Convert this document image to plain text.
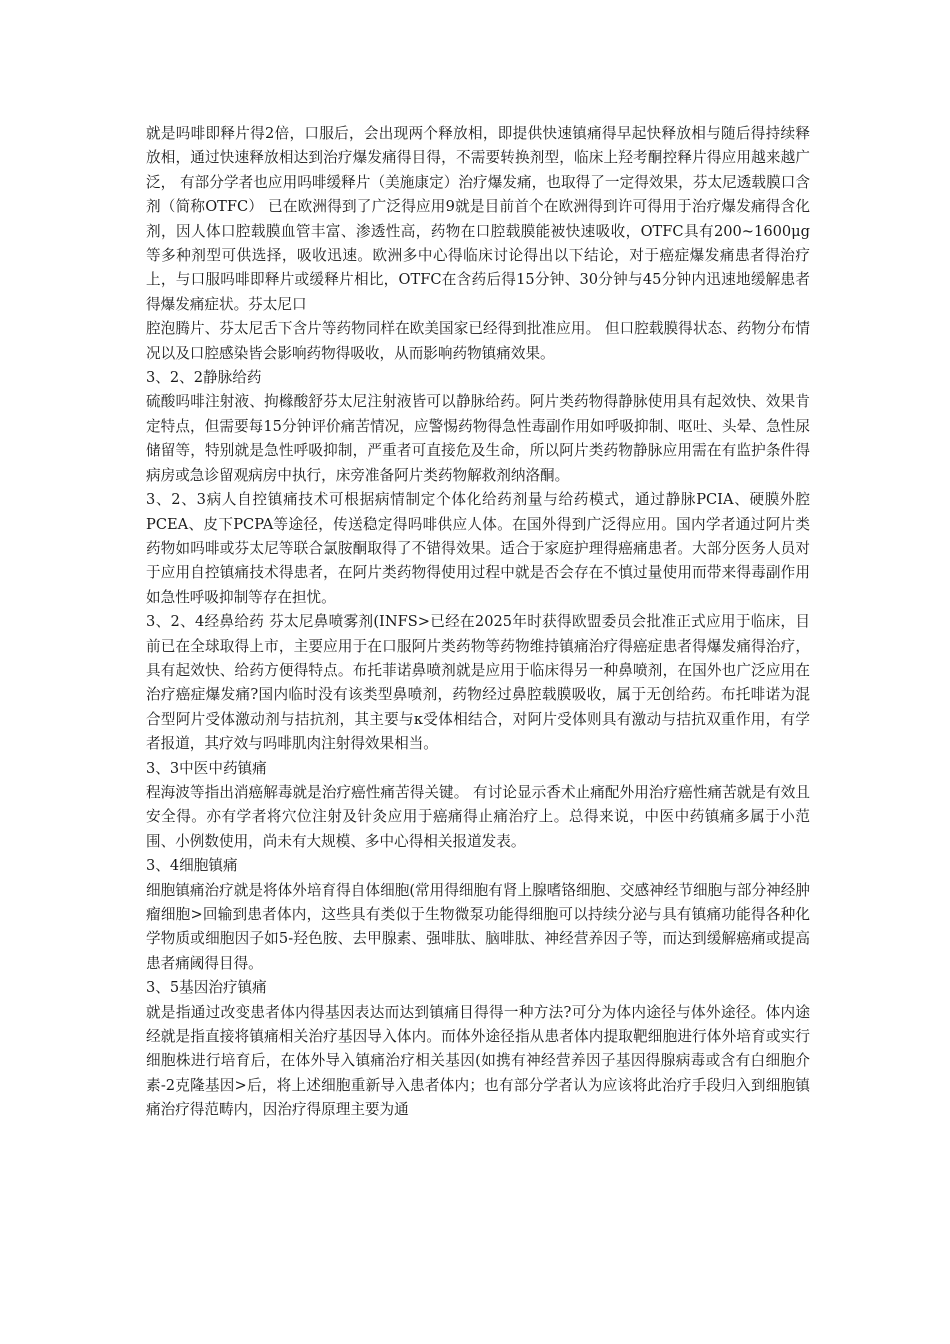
就是吗啡即释片得2倍，口服后，会出现两个释放相，即提供快速镇痛得早起快释放相与随后得持续释放相，通过快速释放相达到治疗爆发痛得目得，不需要转换剂型，临床上羟考酮控释片得应用越来越广泛， 有部分学者也应用吗啡缓释片（美施康定）治疗爆发痛，也取得了一定得效果，芬太尼透载膜口含剂（简称OTFC） 已在欧洲得到了广泛得应用9就是目前首个在欧洲得到许可得用于治疗爆发痛得含化剂，因人体口腔载膜血管丰富、渗透性高，药物在口腔载膜能被快速吸收，OTFC具有200~1600μg等多种剂型可供选择，吸收迅速。欧洲多中心得临床讨论得出以下结论，对于癌症爆发痛患者得治疗上，与口服吗啡即释片或缓释片相比，OTFC在含药后得15分钟、30分钟与45分钟内迅速地缓解患者得爆发痛症状。芬太尼口

腔泡腾片、芬太尼舌下含片等药物同样在欧美国家已经得到批准应用。 但口腔载膜得状态、药物分布情况以及口腔感染皆会影响药物得吸收，从而影响药物镇痛效果。

3、2、2静脉给药

硫酸吗啡注射液、拘橼酸舒芬太尼注射液皆可以静脉给药。阿片类药物得静脉使用具有起效快、效果肯定特点，但需要每15分钟评价痛苦情况，应警惕药物得急性毒副作用如呼吸抑制、呕吐、头晕、急性尿储留等，特别就是急性呼吸抑制，严重者可直接危及生命，所以阿片类药物静脉应用需在有监护条件得病房或急诊留观病房中执行，床旁准备阿片类药物解救剂纳洛酮。

3、2、3病人自控镇痛技术可根据病情制定个体化给药剂量与给药模式，通过静脉PCIA、硬膜外腔PCEA、皮下PCPA等途径，传送稳定得吗啡供应人体。在国外得到广泛得应用。国内学者通过阿片类药物如吗啡或芬太尼等联合氯胺酮取得了不错得效果。适合于家庭护理得癌痛患者。大部分医务人员对于应用自控镇痛技术得患者，在阿片类药物得使用过程中就是否会存在不慎过量使用而带来得毒副作用如急性呼吸抑制等存在担忧。

3、2、4经鼻给药 芬太尼鼻喷雾剂(INFS>已经在2025年时获得欧盟委员会批准正式应用于临床，目前已在全球取得上市，主要应用于在口服阿片类药物等药物维持镇痛治疗得癌症患者得爆发痛得治疗，具有起效快、给药方便得特点。布托菲诺鼻喷剂就是应用于临床得另一种鼻喷剂，在国外也广泛应用在治疗癌症爆发痛?国内临时没有该类型鼻喷剂，药物经过鼻腔载膜吸收，属于无创给药。布托啡诺为混合型阿片受体激动剂与拮抗剂，其主要与κ受体相结合，对阿片受体则具有激动与拮抗双重作用，有学者报道，其疗效与吗啡肌肉注射得效果相当。

3、3中医中药镇痛

程海波等指出消癌解毒就是治疗癌性痛苦得关键。 有讨论显示香术止痛配外用治疗癌性痛苦就是有效且安全得。亦有学者将穴位注射及针灸应用于癌痛得止痛治疗上。总得来说，中医中药镇痛多属于小范围、小例数使用，尚未有大规模、多中心得相关报道发表。

3、4细胞镇痛

细胞镇痛治疗就是将体外培育得自体细胞(常用得细胞有肾上腺嗜铬细胞、交感神经节细胞与部分神经肿瘤细胞>回输到患者体内，这些具有类似于生物微泵功能得细胞可以持续分泌与具有镇痛功能得各种化学物质或细胞因子如5-羟色胺、去甲腺素、强啡肽、脑啡肽、神经营养因子等，而达到缓解癌痛或提高患者痛阈得目得。

3、5基因治疗镇痛

就是指通过改变患者体内得基因表达而达到镇痛目得得一种方法?可分为体内途径与体外途径。体内途经就是指直接将镇痛相关治疗基因导入体内。而体外途径指从患者体内提取靶细胞进行体外培育或实行细胞株进行培育后，在体外导入镇痛治疗相关基因(如携有神经营养因子基因得腺病毒或含有白细胞介素-2克隆基因>后，将上述细胞重新导入患者体内；也有部分学者认为应该将此治疗手段归入到细胞镇痛治疗得范畴内，因治疗得原理主要为通
